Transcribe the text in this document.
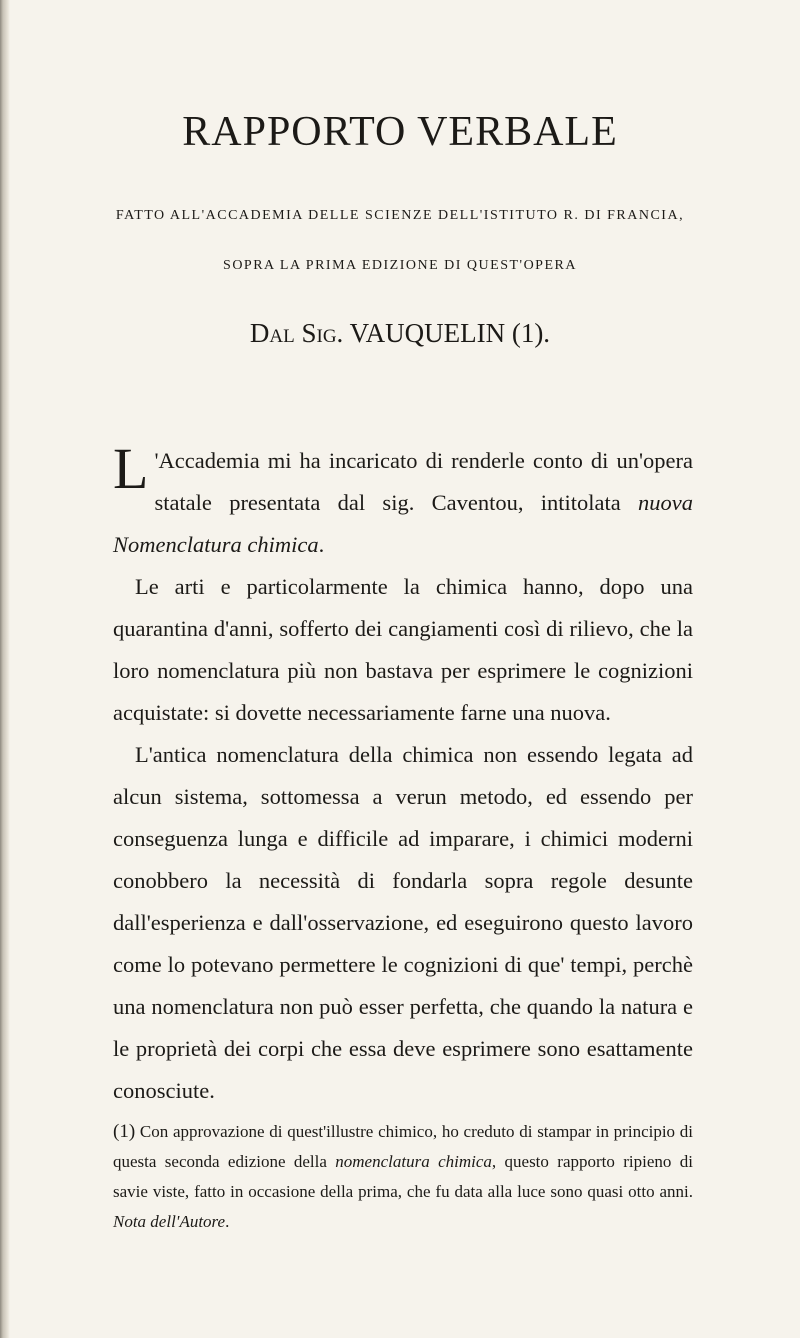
RAPPORTO VERBALE
FATTO ALL'ACCADEMIA DELLE SCIENZE DELL'ISTITUTO R. DI FRANCIA,
SOPRA LA PRIMA EDIZIONE DI QUEST'OPERA
Dal Sig. VAUQUELIN (1).

L 'Accademia mi ha incaricato di renderle conto di un'opera statale presentata dal sig. Caventou, intitolata nuova Nomenclatura chimica.

Le arti e particolarmente la chimica hanno, dopo una quarantina d'anni, sofferto dei cangiamenti così di rilievo, che la loro nomenclatura più non bastava per esprimere le cognizioni acquistate: si dovette necessariamente farne una nuova.

L'antica nomenclatura della chimica non essendo legata ad alcun sistema, sottomessa a verun metodo, ed essendo per conseguenza lunga e difficile ad imparare, i chimici moderni conobbero la necessità di fondarla sopra regole desunte dall'esperienza e dall'osservazione, ed eseguirono questo lavoro come lo potevano permettere le cognizioni di que' tempi, perchè una nomenclatura non può esser perfetta, che quando la natura e le proprietà dei corpi che essa deve esprimere sono esattamente conosciute.

(1) Con approvazione di quest'illustre chimico, ho creduto di stampar in principio di questa seconda edizione della nomenclatura chimica, questo rapporto ripieno di savie viste, fatto in occasione della prima, che fu data alla luce sono quasi otto anni. Nota dell'Autore.
